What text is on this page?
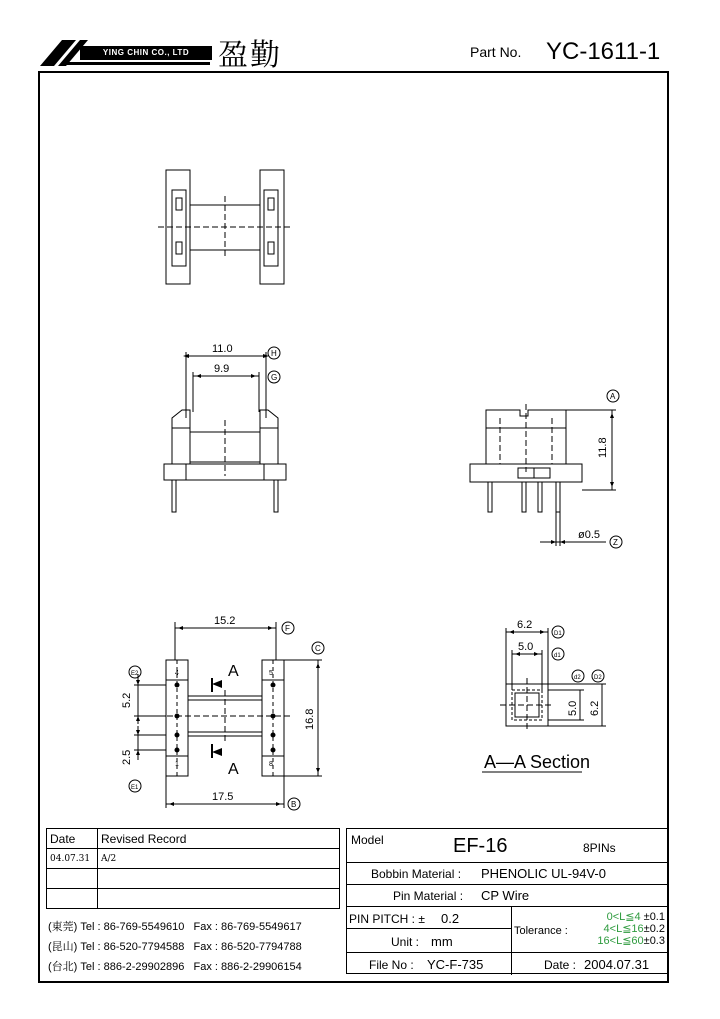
YING CHIN CO., LTD 盈勤	Part No. YC-1611-1
11.0
9.9
11.8
ø0.5
15.2
16.8
5.2
2.5
17.5
6.2
5.0
5.0 6.2
4	5
1	8
A
A	A—A Section
H
G
A
Z
F
C
E2
E1
B
D1
d1
d2 D2
Date	Revised Record
04.07.31	A/2

(東莞) Tel : 86-769-5549610 Fax : 86-769-5549617
(昆山) Tel : 86-520-7794588 Fax : 86-520-7794788
(台北) Tel : 886-2-29902896 Fax : 886-2-29906154
Model	EF-16	8PINs
Bobbin Material : PHENOLIC UL-94V-0
Pin Material : CP Wire
PIN PITCH : ± 0.2
Unit : mm
File No : YC-F-735
Tolerance :
0<L≦4 ±0.1
4<L≦16±0.2
16<L≦60±0.3
Date : 2004.07.31
